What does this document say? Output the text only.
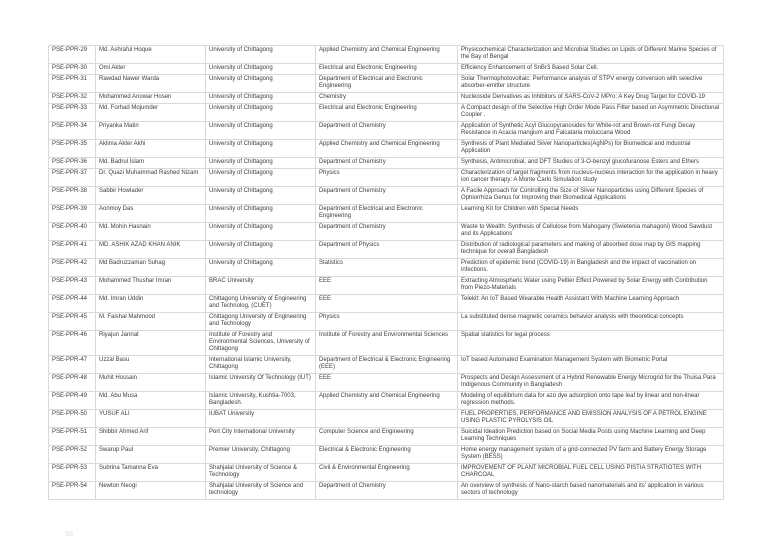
PSE-PPR-29	Md. Ashraful Hoque	University of Chittagong	Applied Chemistry and Chemical Engineering	Physicochemical Characterization and Microbial Studies on Lipids of Different Marine Species of the Bay of Bengal
PSE-PPR-30	Omi Akter	University of Chittagong	Electrical and Electronic Engineering	Efficiency Enhancement of SnBr3 Based Solar Cell.
PSE-PPR-31	Rawdad Nawer Warda	University of Chittagong	Department of Electrical and Electronic Engineering	Solar Thermophotovoltaic: Performance analysis of STPV energy conversion with selective absorber-emitter structure
PSE-PPR-32	Mohammed Anowar Hosen	University of Chittagong	Chemistry	Nucleoside Derivatives as Inhibitors of SARS-CoV-2 MPro: A Key Drug Target for COVID-19
PSE-PPR-33	Md. Forhad Mojumder	University of Chittagong	Electrical and Electronic Engineering	A Compact design of the Selective High Order Mode Pass Filter based on Asymmetric Directional Coupler .
PSE-PPR-34	Priyanka Matin	University of Chittagong	Department of Chemistry	Application of Synthetic Acyl Glucopyranosides for White-rot and Brown-rot Fungi Decay Resistance in Acacia mangium and Falcataria moluccana Wood
PSE-PPR-35	Aklima Akter Akhi	University of Chittagong	Applied Chemistry and Chemical Engineering	Synthesis of Plant Mediated Silver Nanoparticles(AgNPs) for Biomedical and Industrial Application
PSE-PPR-36	Md. Badrul Islam	University of Chittagong	Department of Chemistry	Synthesis, Antimicrobial, and DFT Studies of 3-O-benzyl glucofuranose Esters and Ethers
PSE-PPR-37	Dr. Quazi Muhammad Rashed Nizam	University of Chittagong	Physics	Characterization of target fragments from nucleus-nucleus interaction for the application in heavy ion cancer therapy: A Monte Carlo Simulation study
PSE-PPR-38	Sabbir Howlader	University of Chittagong	Department of Chemistry	A Facile Approach for Controlling the Size of Silver Nanoparticles using Different Species of Ophiorrhiza Genus for Improving their Biomedical Applications
PSE-PPR-39	Aonmoy Das	University of Chittagong	Department of Electrical and Electronic Engineering	Learning Kit for Children with Special Needs
PSE-PPR-40	Md. Mohin Hasnain	University of Chittagong	Department of Chemistry	Waste to Wealth: Synthesis of Cellulose from Mahogany (Swietenia mahagoni) Wood Sawdust and its Applications
PSE-PPR-41	MD. ASHIK AZAD KHAN ANIK	University of Chittagong	Department of Physics	Distribution of radiological parameters and making of absorbed dose map by GIS mapping technique for overall Bangladesh
PSE-PPR-42	Md Badruzzaman Suhag	University of Chittagong	Statistics	Prediction of epidemic trend (COVID-19) in Bangladesh and the impact of vaccination on infections.
PSE-PPR-43	Mohammed Thushar Imran	BRAC University	EEE	Extracting Atmospheric Water using Peltier Effect Powered by Solar Energy with Contribution from Piezo-Materials
PSE-PPR-44	Md. Imran Uddin	Chittagong University of Engineering and Technolog, (CUET)	EEE	Telekit: An IoT Based Wearable Health Assistant With Machine Learning Approach
PSE-PPR-45	M. Faishal Mahmood	Chittagong University of Engineering and Technology	Physics	La substituted dense magnetic ceramics behavior analysis with theoretical concepts
PSE-PPR-46	Riyajun Jannat	Institute of Forestry and Environmental Sciences, University of Chittagong	Institute of Forestry and Environmental Sciences	Spatial statistics for legal process
PSE-PPR-47	Uzzal Basu	International Islamic University, Chittagong	Department of Electrical & Electronic Engineering (EEE)	IoT based Automated Examination Management System with Biometric Portal
PSE-PPR-48	Muhit Hossain	Islamic University Of Technology (IUT)	EEE	Prospects and Design Assessment of a Hybrid Renewable Energy Microgrid for the Thuisa Para Indigenous Community in Bangladesh
PSE-PPR-49	Md. Abu Musa	Islamic University, Kushtia-7003, Bangladesh.	Applied Chemistry and Chemical Engineering	Modeling of equilibrium data for azo dye adsorption onto tape leaf by linear and non-linear regression methods.
PSE-PPR-50	YUSUF ALI	IUBAT University		FUEL PROPERTIES, PERFORMANCE AND EMISSION ANALYSIS OF A PETROL ENGINE USING PLASTIC PYROLYSIS OIL
PSE-PPR-51	Shibbir Ahmed Arif	Port City International University	Computer Science and Engineering	Suicidal Ideation Prediction based on Social Media Posts using Machine Learning and Deep Learning Techniques
PSE-PPR-52	Swarup Paul	Premier University, Chittagong	Electrical & Electronic Engineering	Home energy management system of a grid-connected PV farm and Battery Energy Storage System (BESS)
PSE-PPR-53	Subrina Tamanna Eva	Shahjalal University of Science & Technology	Civil & Environmental Engineering	IMPROVEMENT OF PLANT MICROBIAL FUEL CELL USING PISTIA STRATIOTES WITH CHARCOAL
PSE-PPR-54	Newton Neogi	Shahjalal University of Science and technology	Department of Chemistry	An overview of synthesis of Nano-starch based nanomaterials and its' application in various sectors of technology
